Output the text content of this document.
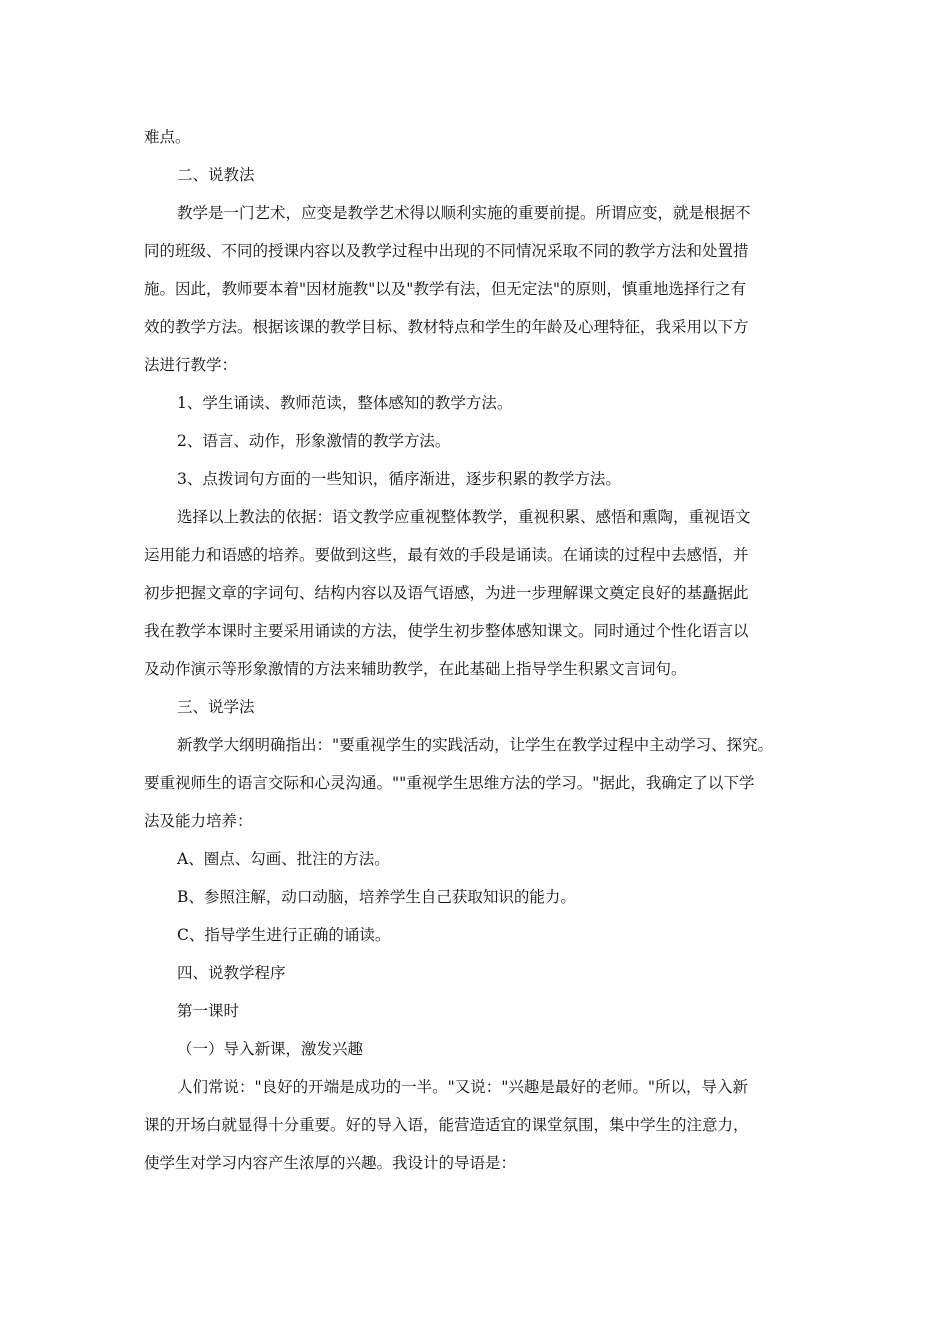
难点。
二、说教法
教学是一门艺术，应变是教学艺术得以顺利实施的重要前提。所谓应变，就是根据不
同的班级、不同的授课内容以及教学过程中出现的不同情况采取不同的教学方法和处置措
施。因此，教师要本着"因材施教"以及"教学有法，但无定法"的原则，慎重地选择行之有
效的教学方法。根据该课的教学目标、教材特点和学生的年龄及心理特征，我采用以下方
法进行教学：
1、学生诵读、教师范读，整体感知的教学方法。
2、语言、动作，形象激情的教学方法。
3、点拨词句方面的一些知识，循序渐进，逐步积累的教学方法。
选择以上教法的依据：语文教学应重视整体教学，重视积累、感悟和熏陶，重视语文
运用能力和语感的培养。要做到这些，最有效的手段是诵读。在诵读的过程中去感悟，并
初步把握文章的字词句、结构内容以及语气语感，为进一步理解课文奠定良好的基矗据此
我在教学本课时主要采用诵读的方法，使学生初步整体感知课文。同时通过个性化语言以
及动作演示等形象激情的方法来辅助教学，在此基础上指导学生积累文言词句。
三、说学法
新教学大纲明确指出："要重视学生的实践活动，让学生在教学过程中主动学习、探究。
要重视师生的语言交际和心灵沟通。""重视学生思维方法的学习。"据此，我确定了以下学
法及能力培养：
A、圈点、勾画、批注的方法。
B、参照注解，动口动脑，培养学生自己获取知识的能力。
C、指导学生进行正确的诵读。
四、说教学程序
第一课时
（一）导入新课，激发兴趣
人们常说："良好的开端是成功的一半。"又说："兴趣是最好的老师。"所以，导入新
课的开场白就显得十分重要。好的导入语，能营造适宜的课堂氛围，集中学生的注意力，
使学生对学习内容产生浓厚的兴趣。我设计的导语是：
